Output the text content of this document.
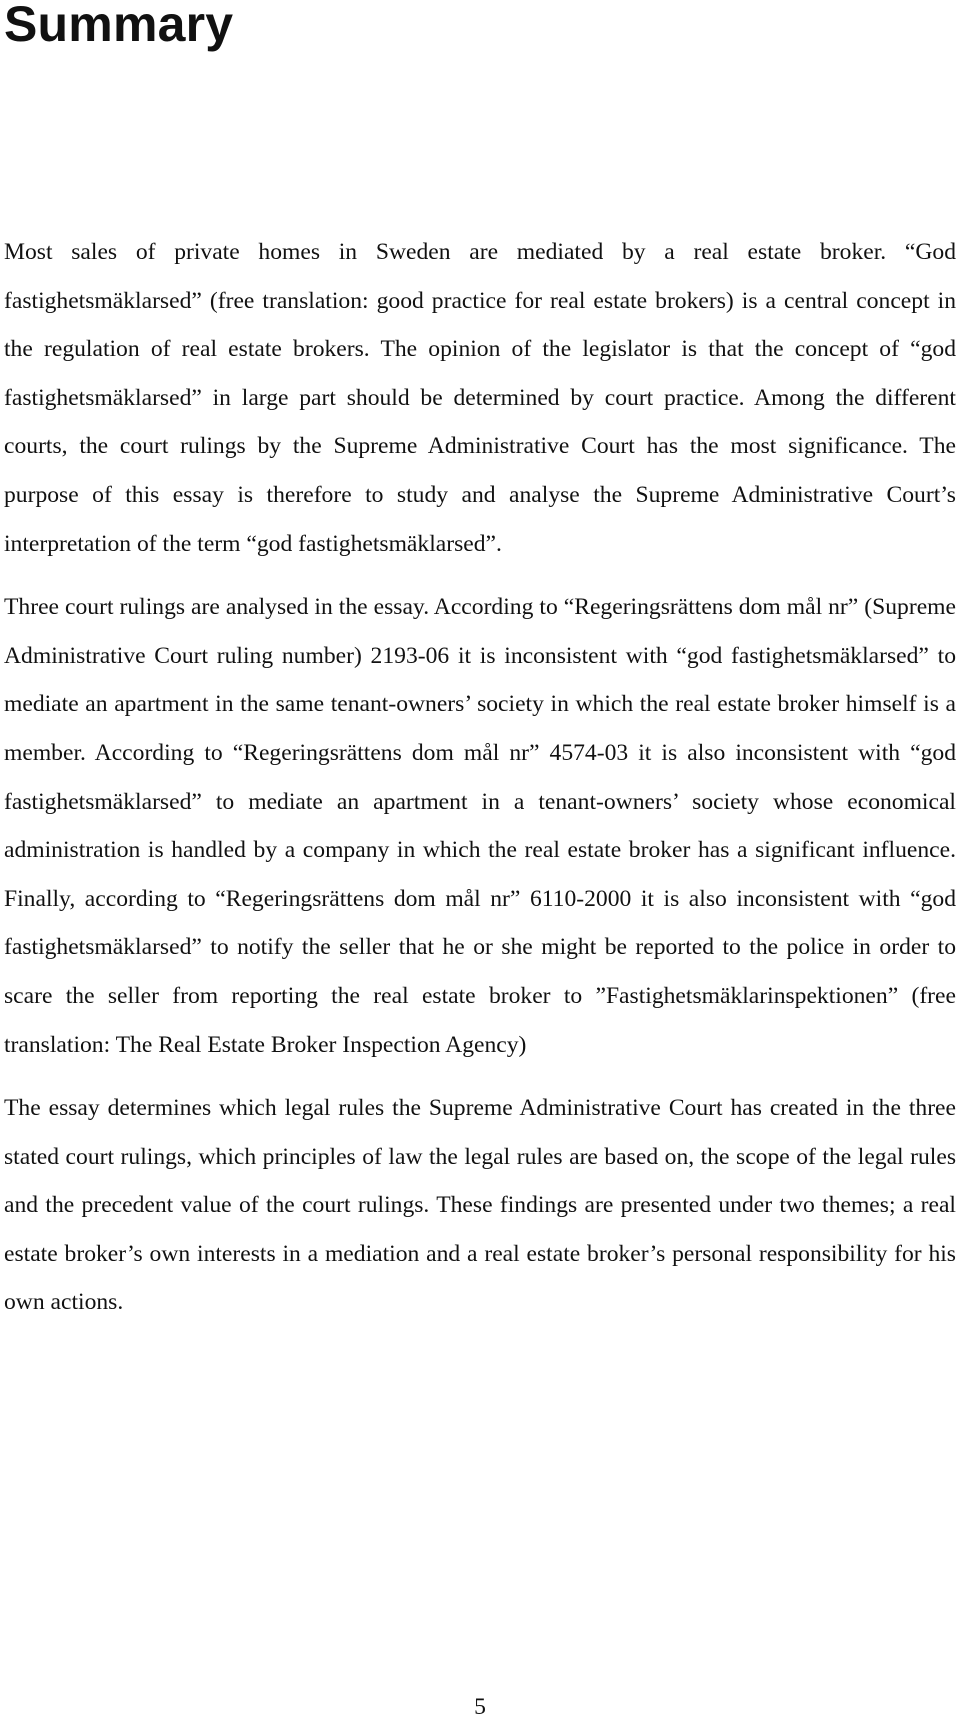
Summary

Most sales of private homes in Sweden are mediated by a real estate broker. “God fastighetsmäklarsed” (free translation: good practice for real estate brokers) is a central concept in the regulation of real estate brokers. The opinion of the legislator is that the concept of “god fastighetsmäklarsed” in large part should be determined by court practice. Among the different courts, the court rulings by the Supreme Administrative Court has the most significance. The purpose of this essay is therefore to study and analyse the Supreme Administrative Court’s interpretation of the term “god fastighetsmäklarsed”.

Three court rulings are analysed in the essay. According to “Regeringsrättens dom mål nr” (Supreme Administrative Court ruling number) 2193-06 it is inconsistent with “god fastighetsmäklarsed” to mediate an apartment in the same tenant-owners’ society in which the real estate broker himself is a member. According to “Regeringsrättens dom mål nr” 4574-03 it is also inconsistent with “god fastighetsmäklarsed” to mediate an apartment in a tenant-owners’ society whose economical administration is handled by a company in which the real estate broker has a significant influence. Finally, according to “Regeringsrättens dom mål nr” 6110-2000 it is also inconsistent with “god fastighetsmäklarsed” to notify the seller that he or she might be reported to the police in order to scare the seller from reporting the real estate broker to ”Fastighetsmäklarinspektionen” (free translation: The Real Estate Broker Inspection Agency)

The essay determines which legal rules the Supreme Administrative Court has created in the three stated court rulings, which principles of law the legal rules are based on, the scope of the legal rules and the precedent value of the court rulings. These findings are presented under two themes; a real estate broker’s own interests in a mediation and a real estate broker’s personal responsibility for his own actions.

5
